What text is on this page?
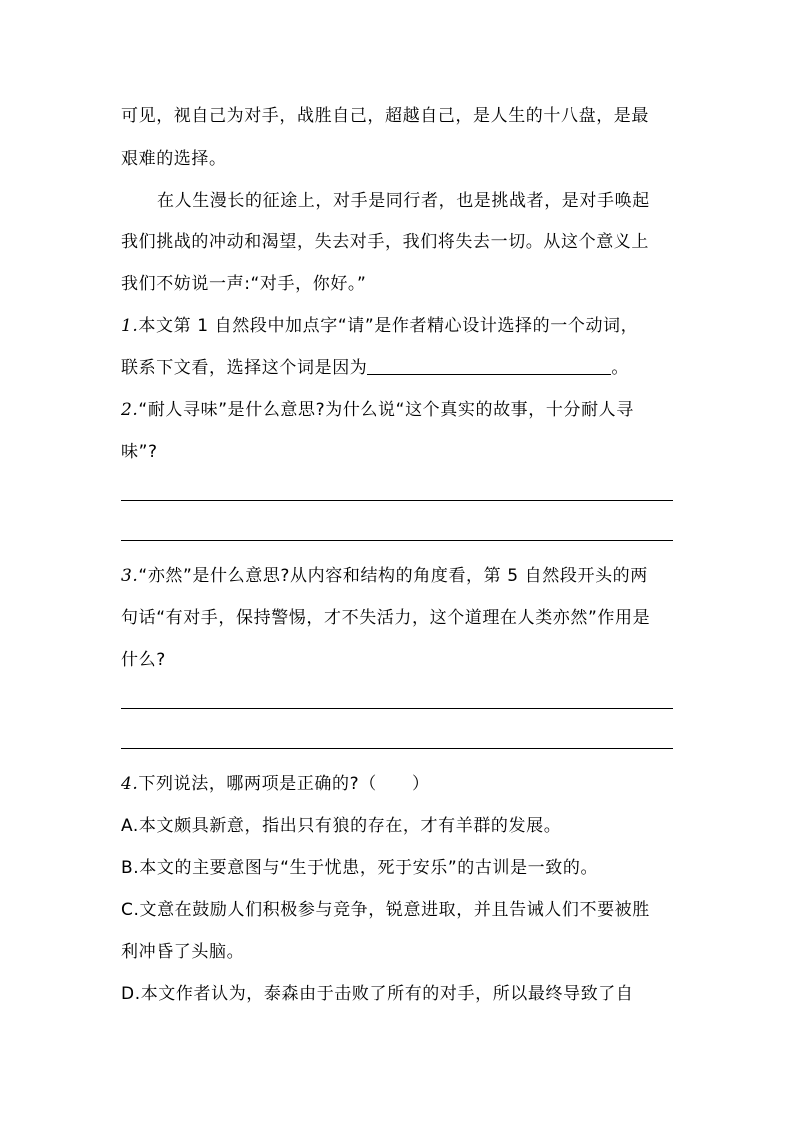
可见，视自己为对手，战胜自己，超越自己，是人生的十八盘，是最
艰难的选择。
在人生漫长的征途上，对手是同行者，也是挑战者，是对手唤起
我们挑战的冲动和渴望，失去对手，我们将失去一切。从这个意义上
我们不妨说一声:“对手，你好。”
1.本文第 1 自然段中加点字“请”是作者精心设计选择的一个动词，
联系下文看，选择这个词是因为	。
2.“耐人寻味”是什么意思?为什么说“这个真实的故事，十分耐人寻
味”?
3.“亦然”是什么意思?从内容和结构的角度看，第 5 自然段开头的两
句话“有对手，保持警惕，才不失活力，这个道理在人类亦然”作用是
什么?
4.下列说法，哪两项是正确的?（　　）
A.本文颇具新意，指出只有狼的存在，才有羊群的发展。
B.本文的主要意图与“生于忧患，死于安乐”的古训是一致的。
C.文意在鼓励人们积极参与竞争，锐意进取，并且告诫人们不要被胜
利冲昏了头脑。
D.本文作者认为，泰森由于击败了所有的对手，所以最终导致了自
